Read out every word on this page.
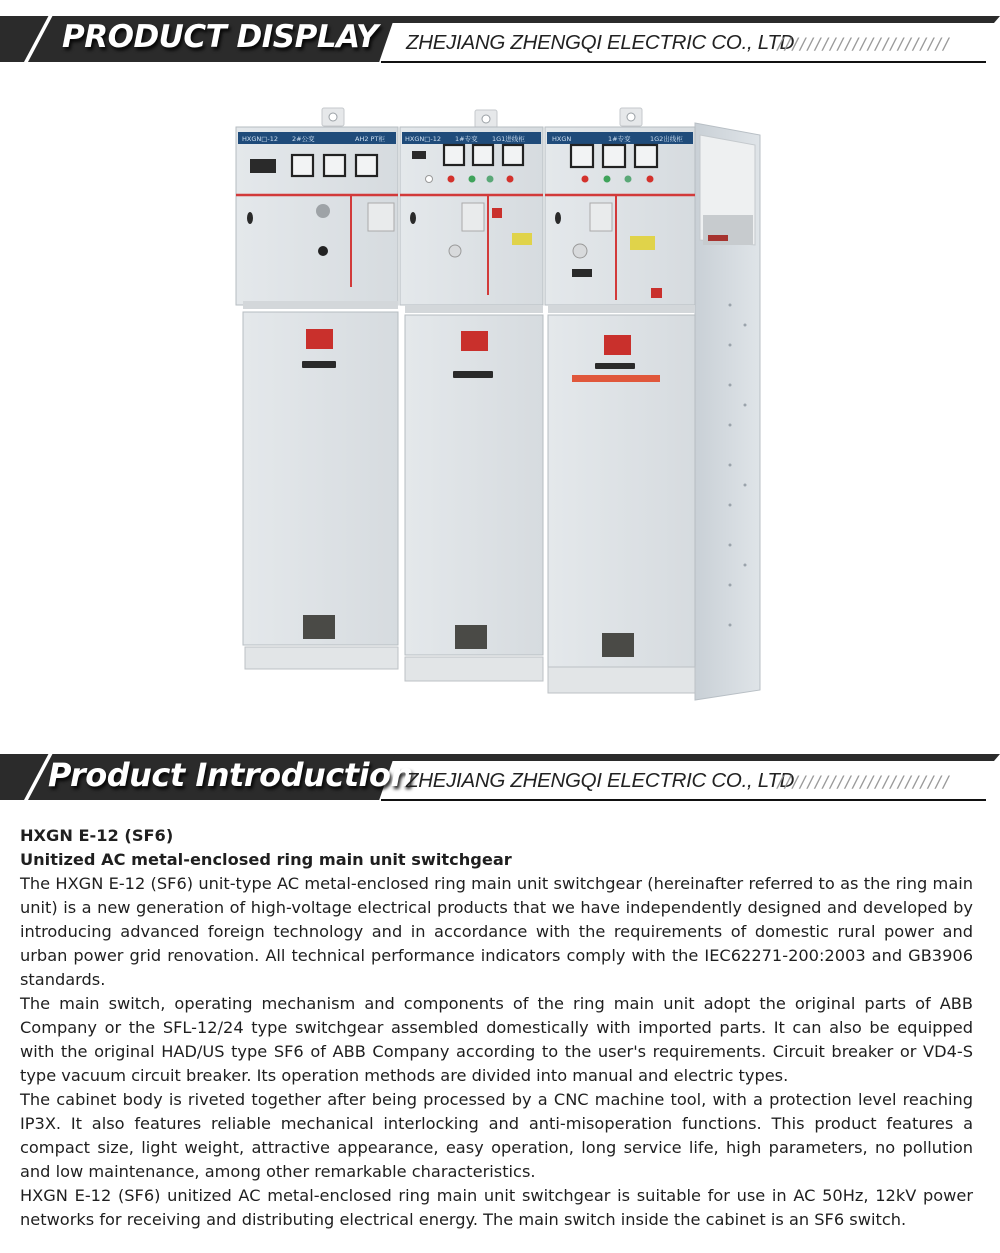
PRODUCT DISPLAY ZHEJIANG ZHENGQI ELECTRIC CO., LTD
///////////////////////
HXGN□-12 2#公变	AH2 PT柜	HXGN□-12 1#专变 1G1进线柜	HXGN	1#专变	1G2出线柜
Product Introduction
ZHEJIANG ZHENGQI ELECTRIC CO., LTD
///////////////////////
HXGN E-12 (SF6)
Unitized AC metal-enclosed ring main unit switchgear

The HXGN E-12 (SF6) unit-type AC metal-enclosed ring main unit switchgear (hereinafter referred to as the ring main unit) is a new generation of high-voltage electrical products that we have independently designed and developed by introducing advanced foreign technology and in accordance with the requirements of domestic rural power and urban power grid renovation. All technical performance indicators comply with the IEC62271-200:2003 and GB3906 standards.

The main switch, operating mechanism and components of the ring main unit adopt the original parts of ABB Company or the SFL-12/24 type switchgear assembled domestically with imported parts. It can also be equipped with the original HAD/US type SF6 of ABB Company according to the user's requirements. Circuit breaker or VD4-S type vacuum circuit breaker. Its operation methods are divided into manual and electric types.

The cabinet body is riveted together after being processed by a CNC machine tool, with a protection level reaching IP3X. It also features reliable mechanical interlocking and anti-misoperation functions. This product features a compact size, light weight, attractive appearance, easy operation, long service life, high parameters, no pollution and low maintenance, among other remarkable characteristics.

HXGN E-12 (SF6) unitized AC metal-enclosed ring main unit switchgear is suitable for use in AC 50Hz, 12kV power networks for receiving and distributing electrical energy. The main switch inside the cabinet is an SF6 switch.
